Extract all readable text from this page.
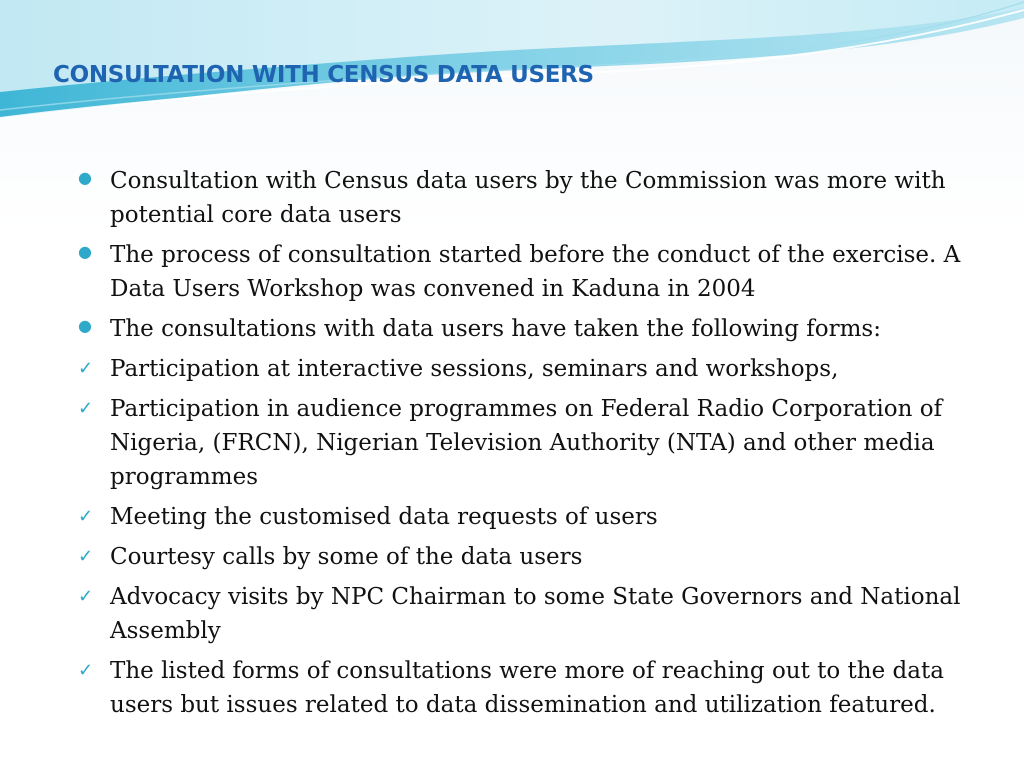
CONSULTATION WITH CENSUS DATA USERS
● Consultation with Census data users by the Commission was more with potential core data users
● The process of consultation started before the conduct of the exercise. A Data Users Workshop was convened in Kaduna in 2004
● The consultations with data users have taken the following forms:
✓ Participation at interactive sessions, seminars and workshops,
✓ Participation in audience programmes on Federal Radio Corporation of Nigeria, (FRCN), Nigerian Television Authority (NTA) and other media programmes
✓ Meeting the customised data requests of users
✓ Courtesy calls by some of the data users
✓ Advocacy visits by NPC Chairman to some State Governors and National Assembly
✓ The listed forms of consultations were more of reaching out to the data users but issues related to data dissemination and utilization featured.
